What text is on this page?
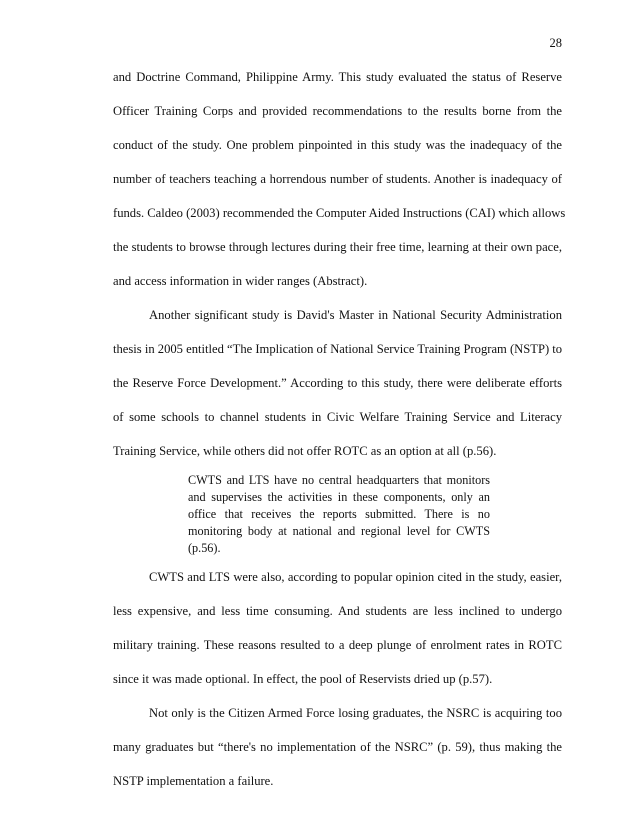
28
and Doctrine Command, Philippine Army. This study evaluated the status of Reserve
Officer Training Corps and provided recommendations to the results borne from the
conduct of the study. One problem pinpointed in this study was the inadequacy of the
number of teachers teaching a horrendous number of students. Another is inadequacy of
funds. Caldeo (2003) recommended the Computer Aided Instructions (CAI) which allows
the students to browse through lectures during their free time, learning at their own pace,
and access information in wider ranges (Abstract).
Another significant study is David's Master in National Security Administration
thesis in 2005 entitled “The Implication of National Service Training Program (NSTP) to
the Reserve Force Development.” According to this study, there were deliberate efforts
of some schools to channel students in Civic Welfare Training Service and Literacy
Training Service, while others did not offer ROTC as an option at all (p.56).
CWTS and LTS have no central headquarters that monitors
and supervises the activities in these components, only an
office that receives the reports submitted. There is no
monitoring body at national and regional level for CWTS
(p.56).
CWTS and LTS were also, according to popular opinion cited in the study, easier,
less expensive, and less time consuming. And students are less inclined to undergo
military training. These reasons resulted to a deep plunge of enrolment rates in ROTC
since it was made optional. In effect, the pool of Reservists dried up (p.57).
Not only is the Citizen Armed Force losing graduates, the NSRC is acquiring too
many graduates but “there's no implementation of the NSRC” (p. 59), thus making the
NSTP implementation a failure.
